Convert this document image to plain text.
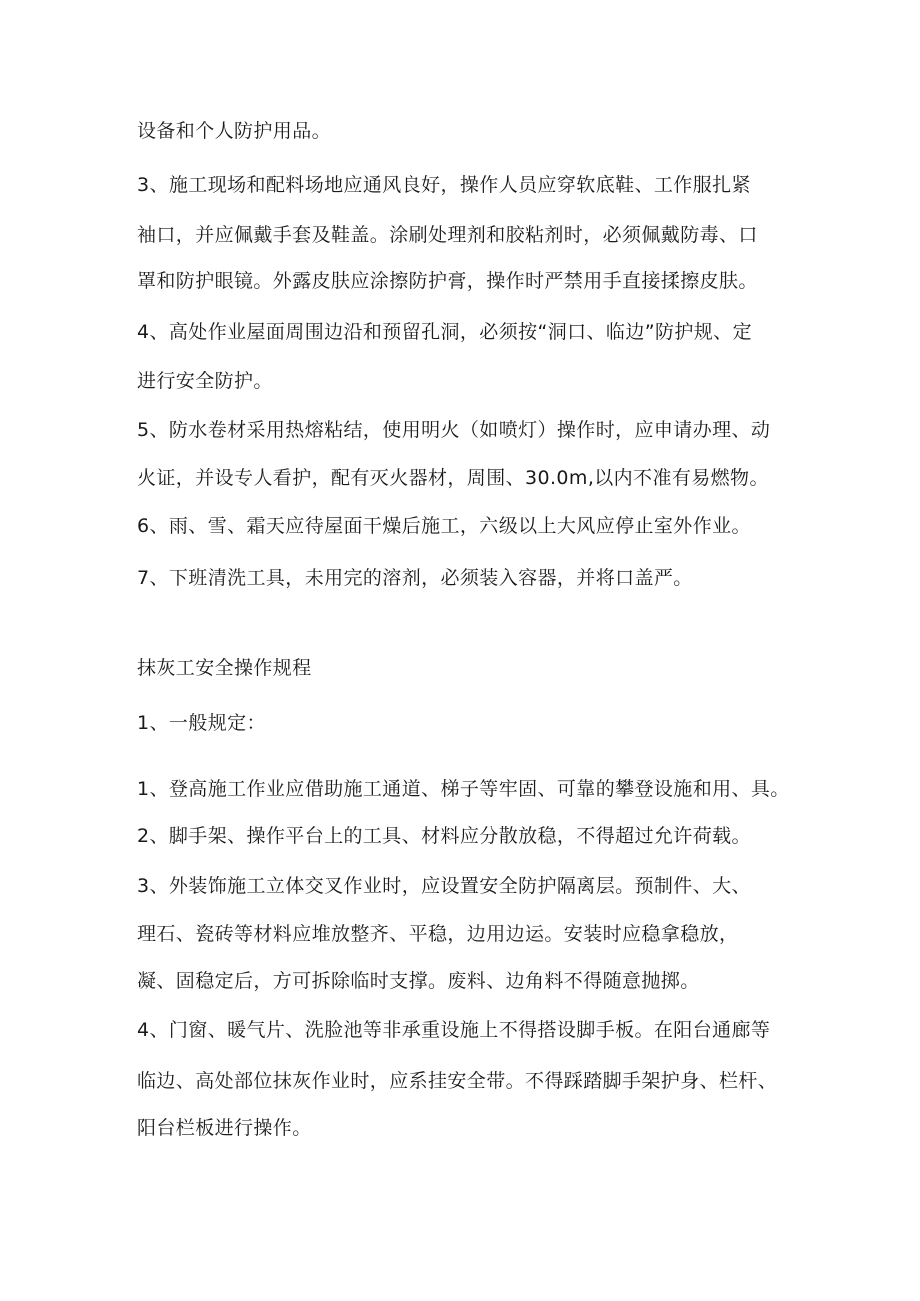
设备和个人防护用品。

3、施工现场和配料场地应通风良好，操作人员应穿软底鞋、工作服扎紧

袖口，并应佩戴手套及鞋盖。涂刷处理剂和胶粘剂时，必须佩戴防毒、口

罩和防护眼镜。外露皮肤应涂擦防护膏，操作时严禁用手直接揉擦皮肤。

4、高处作业屋面周围边沿和预留孔洞，必须按“洞口、临边”防护规、定

进行安全防护。

5、防水卷材采用热熔粘结，使用明火（如喷灯）操作时，应申请办理、动

火证，并设专人看护，配有灭火器材，周围、30.0m,以内不准有易燃物。

6、雨、雪、霜天应待屋面干燥后施工，六级以上大风应停止室外作业。

7、下班清洗工具，未用完的溶剂，必须装入容器，并将口盖严。

抹灰工安全操作规程

1、一般规定：

1、登高施工作业应借助施工通道、梯子等牢固、可靠的攀登设施和用、具。

2、脚手架、操作平台上的工具、材料应分散放稳，不得超过允许荷载。

3、外装饰施工立体交叉作业时，应设置安全防护隔离层。预制件、大、

理石、瓷砖等材料应堆放整齐、平稳，边用边运。安装时应稳拿稳放，

凝、固稳定后，方可拆除临时支撑。废料、边角料不得随意抛掷。

4、门窗、暖气片、洗脸池等非承重设施上不得搭设脚手板。在阳台通廊等

临边、高处部位抹灰作业时，应系挂安全带。不得踩踏脚手架护身、栏杆、

阳台栏板进行操作。
